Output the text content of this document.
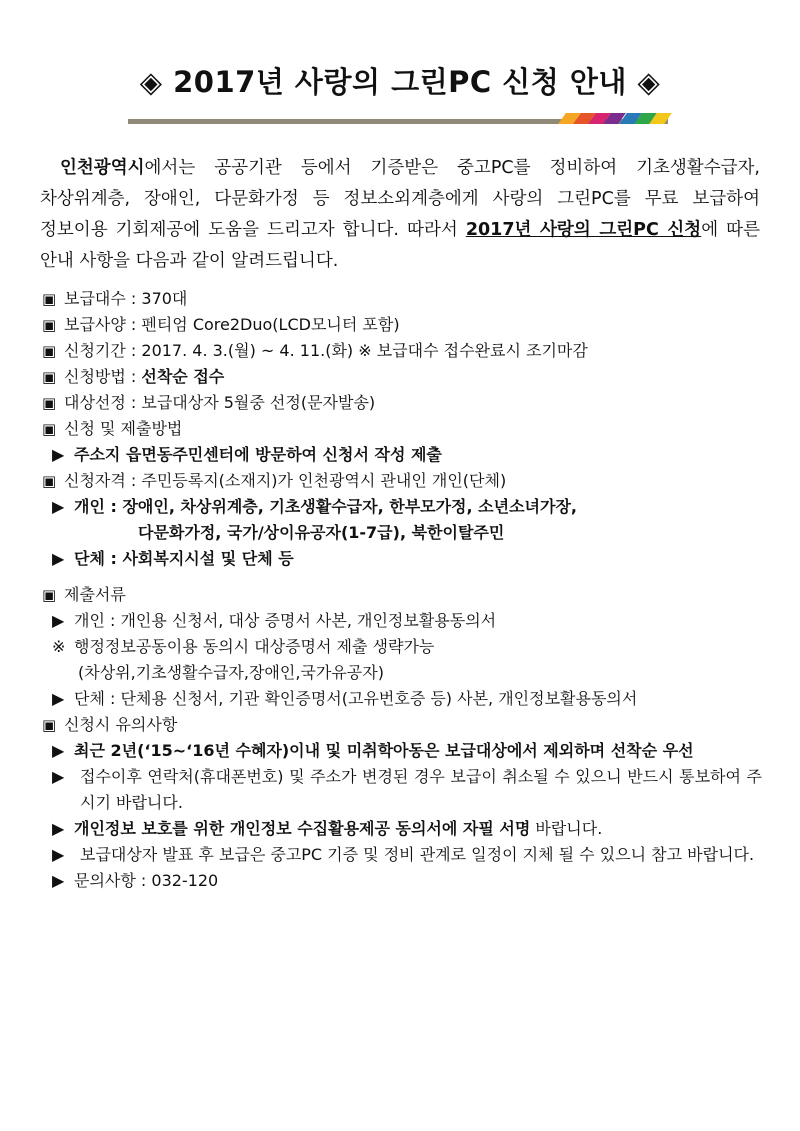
◈ 2017년 사랑의 그린PC 신청 안내 ◈
인천광역시에서는 공공기관 등에서 기증받은 중고PC를 정비하여 기초생활수급자,차상위계층, 장애인, 다문화가정 등 정보소외계층에게 사랑의 그린PC를 무료 보급하여 정보이용 기회제공에 도움을 드리고자 합니다. 따라서 2017년 사랑의 그린PC 신청에 따른 안내 사항을 다음과 같이 알려드립니다.
▣ 보급대수 : 370대
▣ 보급사양 : 펜티엄 Core2Duo(LCD모니터 포함)
▣ 신청기간 : 2017. 4. 3.(월) ~ 4. 11.(화) ※ 보급대수 접수완료시 조기마감
▣ 신청방법 : 선착순 접수
▣ 대상선정 : 보급대상자 5월중 선정(문자발송)
▣ 신청 및 제출방법
▶ 주소지 읍면동주민센터에 방문하여 신청서 작성 제출
▣ 신청자격 : 주민등록지(소재지)가 인천광역시 관내인 개인(단체)
▶ 개인 : 장애인, 차상위계층, 기초생활수급자, 한부모가정, 소년소녀가장,
다문화가정, 국가/상이유공자(1-7급), 북한이탈주민
▶ 단체 : 사회복지시설 및 단체 등
▣ 제출서류
▶ 개인 : 개인용 신청서, 대상 증명서 사본, 개인정보활용동의서
※ 행정정보공동이용 동의시 대상증명서 제출 생략가능
(차상위,기초생활수급자,장애인,국가유공자)
▶ 단체 : 단체용 신청서, 기관 확인증명서(고유번호증 등) 사본, 개인정보활용동의서
▣ 신청시 유의사항
▶ 최근 2년(‘15~‘16년 수혜자)이내 및 미취학아동은 보급대상에서 제외하며 선착순 우선
▶ 접수이후 연락처(휴대폰번호) 및 주소가 변경된 경우 보급이 취소될 수 있으니 반드시 통보하여 주시기 바랍니다.
▶ 개인정보 보호를 위한 개인정보 수집활용제공 동의서에 자필 서명 바랍니다.
▶ 보급대상자 발표 후 보급은 중고PC 기증 및 정비 관계로 일정이 지체 될 수 있으니 참고 바랍니다.
▶ 문의사항 : 032-120
